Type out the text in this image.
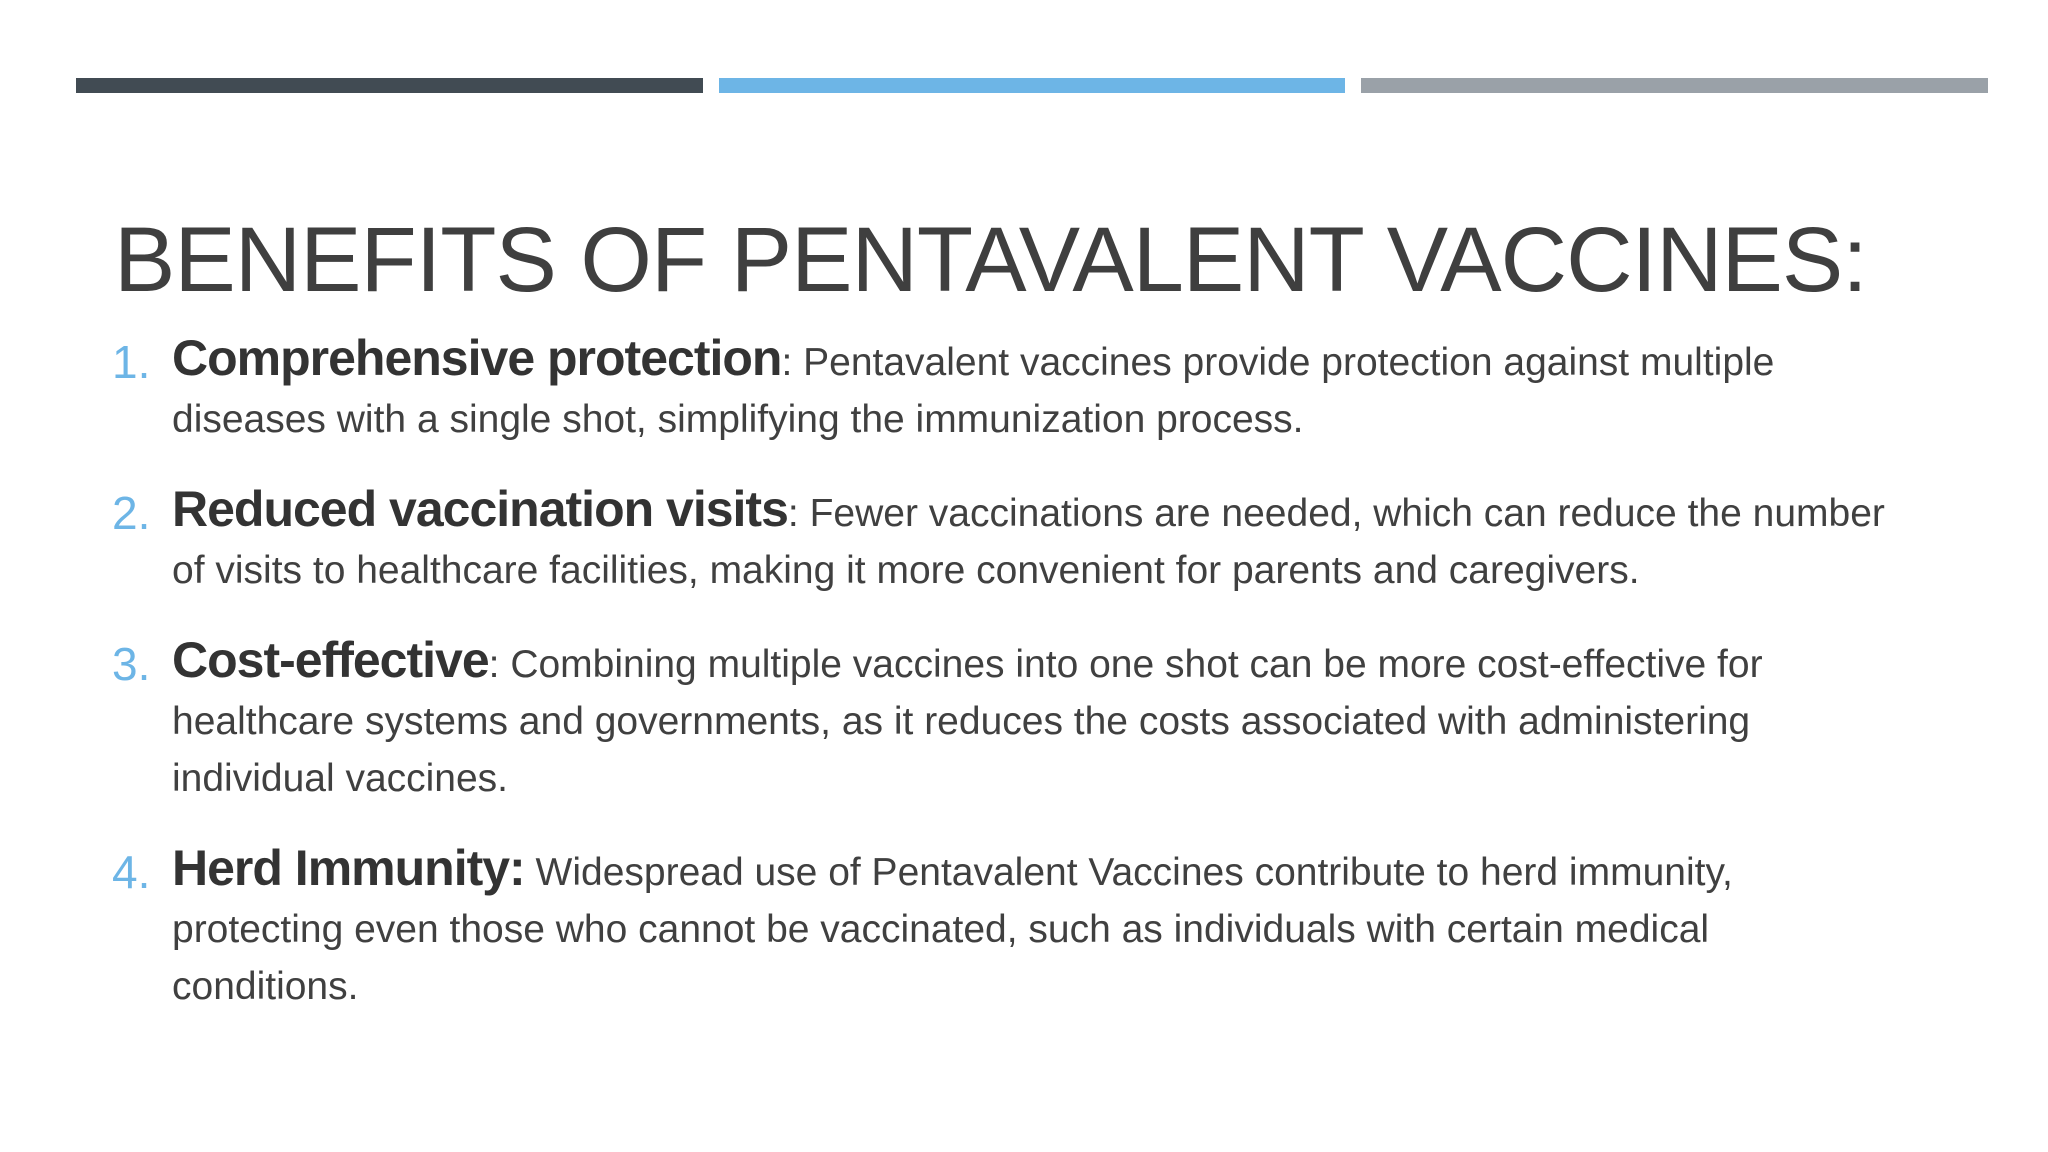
BENEFITS OF PENTAVALENT VACCINES:
1. Comprehensive protection: Pentavalent vaccines provide protection against multiple diseases with a single shot, simplifying the immunization process.
2. Reduced vaccination visits: Fewer vaccinations are needed, which can reduce the number of visits to healthcare facilities, making it more convenient for parents and caregivers.
3. Cost-effective: Combining multiple vaccines into one shot can be more cost-effective for healthcare systems and governments, as it reduces the costs associated with administering individual vaccines.
4. Herd Immunity: Widespread use of Pentavalent Vaccines contribute to herd immunity, protecting even those who cannot be vaccinated, such as individuals with certain medical conditions.
